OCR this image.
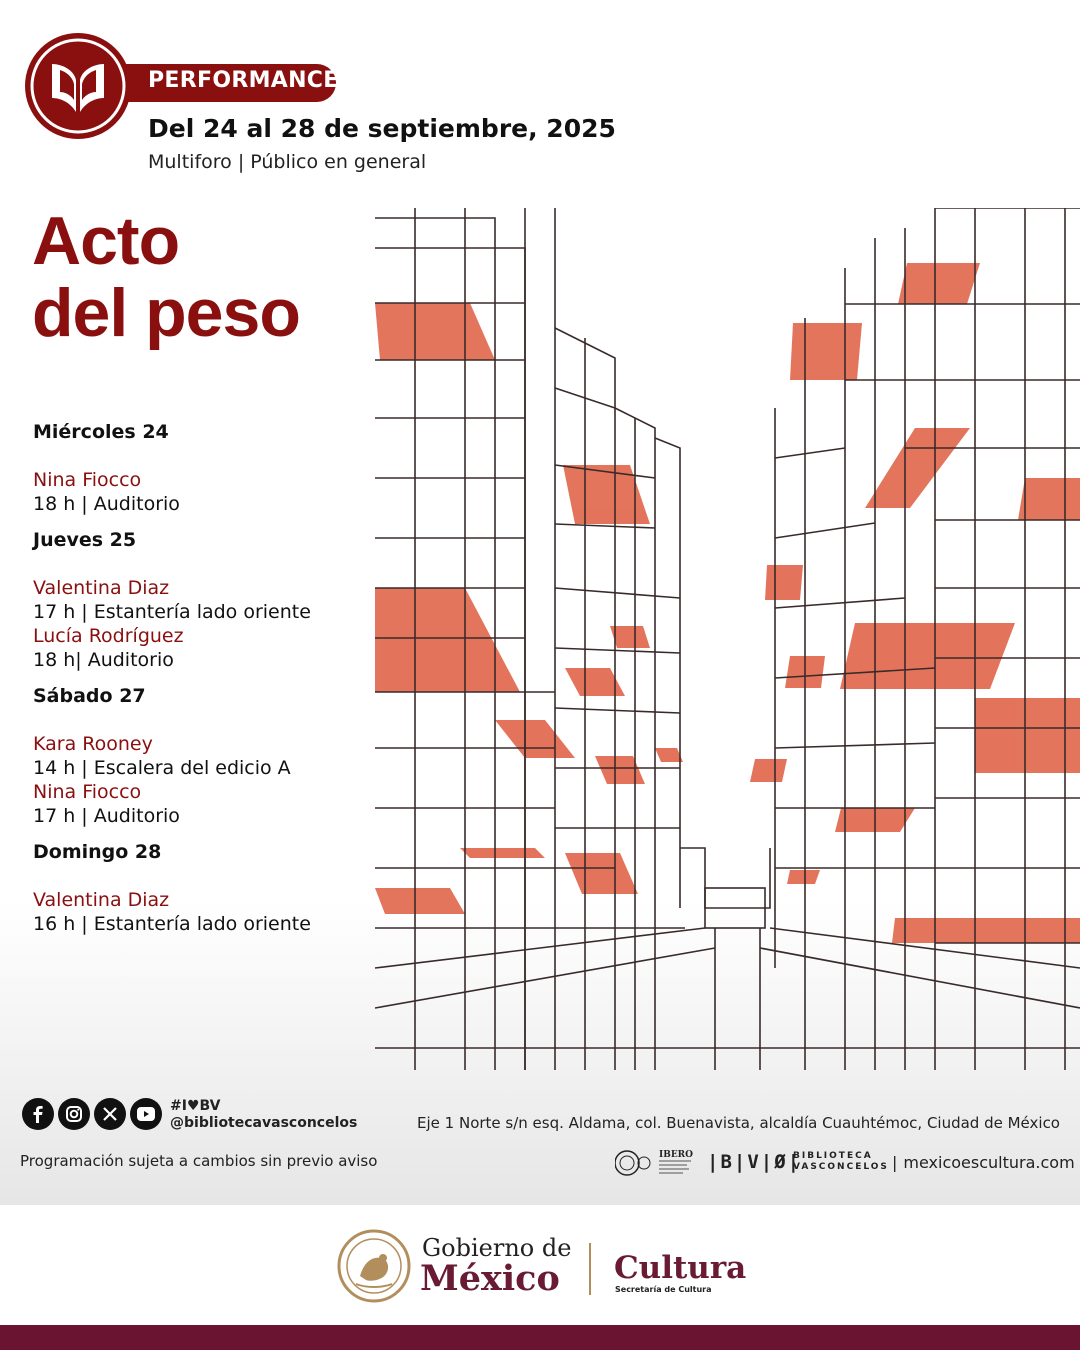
PERFORMANCE
Del 24 al 28 de septiembre, 2025
Multiforo | Público en general
Acto
del peso
Miércoles 24
Nina Fiocco
18 h | Auditorio
Jueves 25
Valentina Diaz
17 h | Estantería lado oriente
Lucía Rodríguez
18 h| Auditorio
Sábado 27
Kara Rooney
14 h | Escalera del edicio A
Nina Fiocco
17 h | Auditorio
Domingo 28
Valentina Diaz
16 h | Estantería lado oriente
#I♥BV
@bibliotecavasconcelos
Programación sujeta a cambios sin previo aviso
Eje 1 Norte s/n esq. Aldama, col. Buenavista, alcaldía Cuauhtémoc, Ciudad de México
IBERO |B|V|Ø|
BIBLIOTECA
VASCONCELOS
| mexicoescultura.com
Gobierno de
México Cultura
Secretaría de Cultura
